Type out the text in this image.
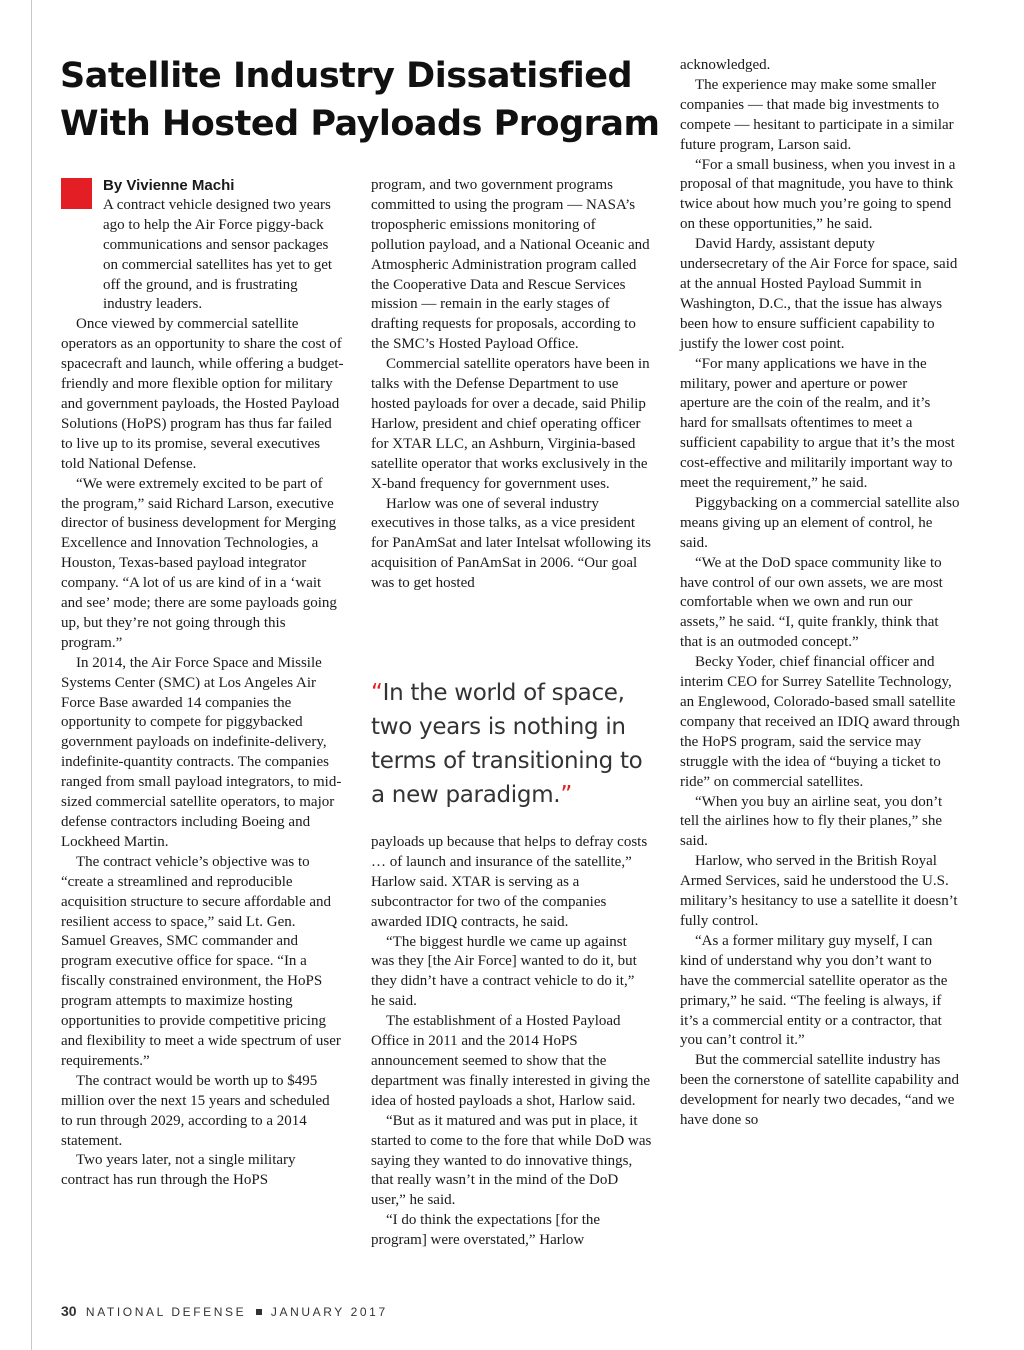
Satellite Industry Dissatisfied With Hosted Payloads Program
By Vivienne Machi

A contract vehicle designed two years ago to help the Air Force piggy-back communications and sensor packages on commercial satellites has yet to get off the ground, and is frustrating industry leaders.

Once viewed by commercial satellite operators as an opportunity to share the cost of spacecraft and launch, while offering a budget-friendly and more flexible option for military and government payloads, the Hosted Payload Solutions (HoPS) program has thus far failed to live up to its promise, several executives told National Defense.

“We were extremely excited to be part of the program,” said Richard Larson, executive director of business development for Merging Excellence and Innovation Technologies, a Houston, Texas-based payload integrator company. “A lot of us are kind of in a ‘wait and see’ mode; there are some payloads going up, but they’re not going through this program.”

In 2014, the Air Force Space and Missile Systems Center (SMC) at Los Angeles Air Force Base awarded 14 companies the opportunity to compete for piggybacked government payloads on indefinite-delivery, indefinite-quantity contracts. The companies ranged from small payload integrators, to mid-sized commercial satellite operators, to major defense contractors including Boeing and Lockheed Martin.

The contract vehicle’s objective was to “create a streamlined and reproducible acquisition structure to secure affordable and resilient access to space,” said Lt. Gen. Samuel Greaves, SMC commander and program executive office for space. “In a fiscally constrained environment, the HoPS program attempts to maximize hosting opportunities to provide competitive pricing and flexibility to meet a wide spectrum of user requirements.”

The contract would be worth up to $495 million over the next 15 years and scheduled to run through 2029, according to a 2014 statement.

Two years later, not a single military contract has run through the HoPS

program, and two government programs committed to using the program — NASA’s tropospheric emissions monitoring of pollution payload, and a National Oceanic and Atmospheric Administration program called the Cooperative Data and Rescue Services mission — remain in the early stages of drafting requests for proposals, according to the SMC’s Hosted Payload Office.

Commercial satellite operators have been in talks with the Defense Department to use hosted payloads for over a decade, said Philip Harlow, president and chief operating officer for XTAR LLC, an Ashburn, Virginia-based satellite operator that works exclusively in the X-band frequency for government uses.

Harlow was one of several industry executives in those talks, as a vice president for PanAmSat and later Intelsat wfollowing its acquisition of PanAmSat in 2006. “Our goal was to get hosted

“In the world of space, two years is nothing in terms of transitioning to a new paradigm.”

payloads up because that helps to defray costs … of launch and insurance of the satellite,” Harlow said. XTAR is serving as a subcontractor for two of the companies awarded IDIQ contracts, he said.

“The biggest hurdle we came up against was they [the Air Force] wanted to do it, but they didn’t have a contract vehicle to do it,” he said.

The establishment of a Hosted Payload Office in 2011 and the 2014 HoPS announcement seemed to show that the department was finally interested in giving the idea of hosted payloads a shot, Harlow said.

“But as it matured and was put in place, it started to come to the fore that while DoD was saying they wanted to do innovative things, that really wasn’t in the mind of the DoD user,” he said.

“I do think the expectations [for the program] were overstated,” Harlow

acknowledged.

The experience may make some smaller companies — that made big investments to compete — hesitant to participate in a similar future program, Larson said.

“For a small business, when you invest in a proposal of that magnitude, you have to think twice about how much you’re going to spend on these opportunities,” he said.

David Hardy, assistant deputy undersecretary of the Air Force for space, said at the annual Hosted Payload Summit in Washington, D.C., that the issue has always been how to ensure sufficient capability to justify the lower cost point.

“For many applications we have in the military, power and aperture or power aperture are the coin of the realm, and it’s hard for smallsats oftentimes to meet a sufficient capability to argue that it’s the most cost-effective and militarily important way to meet the requirement,” he said.

Piggybacking on a commercial satellite also means giving up an element of control, he said.

“We at the DoD space community like to have control of our own assets, we are most comfortable when we own and run our assets,” he said. “I, quite frankly, think that that is an outmoded concept.”

Becky Yoder, chief financial officer and interim CEO for Surrey Satellite Technology, an Englewood, Colorado-based small satellite company that received an IDIQ award through the HoPS program, said the service may struggle with the idea of “buying a ticket to ride” on commercial satellites.

“When you buy an airline seat, you don’t tell the airlines how to fly their planes,” she said.

Harlow, who served in the British Royal Armed Services, said he understood the U.S. military’s hesitancy to use a satellite it doesn’t fully control.

“As a former military guy myself, I can kind of understand why you don’t want to have the commercial satellite operator as the primary,” he said. “The feeling is always, if it’s a commercial entity or a contractor, that you can’t control it.”

But the commercial satellite industry has been the cornerstone of satellite capability and development for nearly two decades, “and we have done so

30 NATIONAL DEFENSE JANUARY 2017
